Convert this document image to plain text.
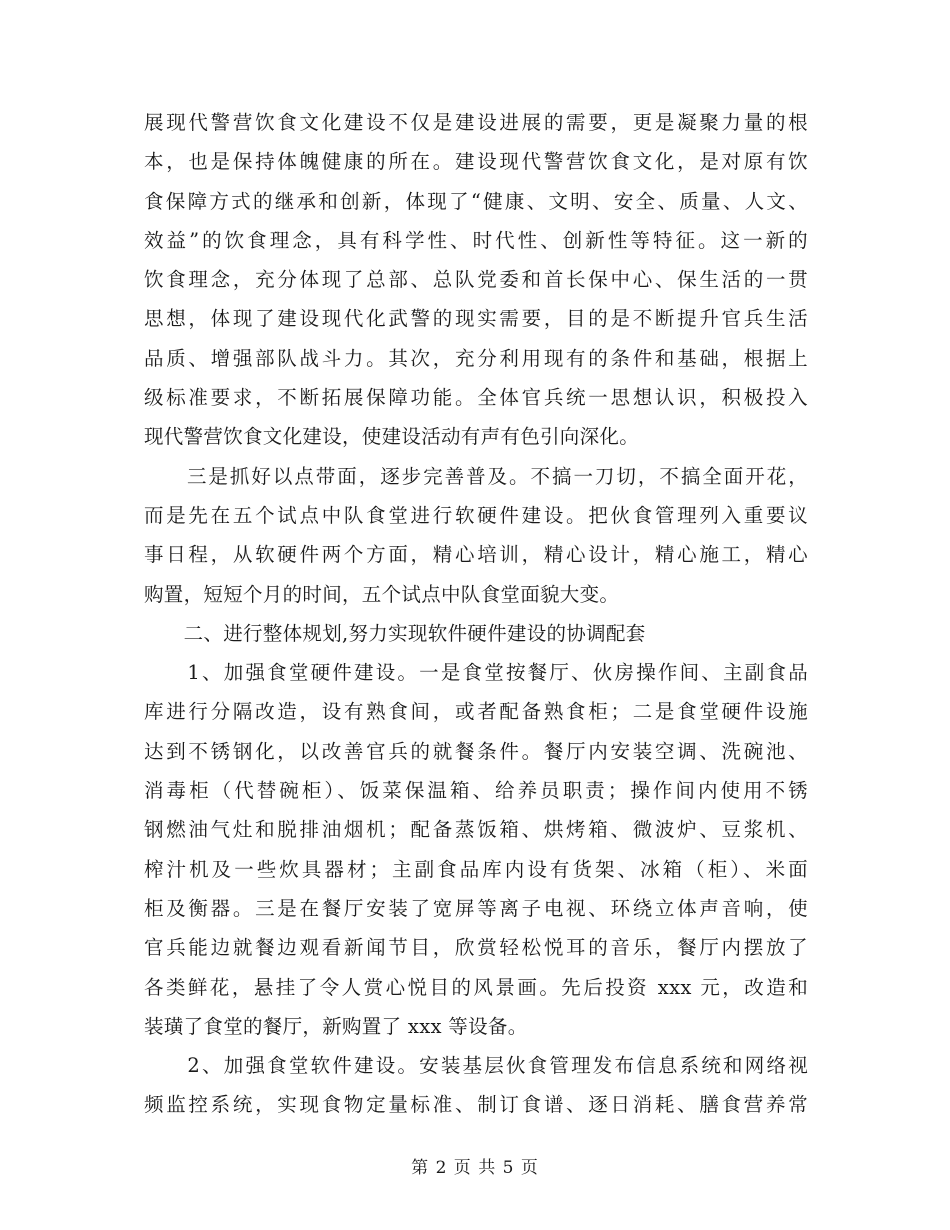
展现代警营饮食文化建设不仅是建设进展的需要，更是凝聚力量的根
本，也是保持体魄健康的所在。建设现代警营饮食文化，是对原有饮
食保障方式的继承和创新，体现了“健康、文明、安全、质量、人文、
效益”的饮食理念，具有科学性、时代性、创新性等特征。这一新的
饮食理念，充分体现了总部、总队党委和首长保中心、保生活的一贯
思想，体现了建设现代化武警的现实需要，目的是不断提升官兵生活
品质、增强部队战斗力。其次，充分利用现有的条件和基础，根据上
级标准要求，不断拓展保障功能。全体官兵统一思想认识，积极投入
现代警营饮食文化建设，使建设活动有声有色引向深化。
　　三是抓好以点带面，逐步完善普及。不搞一刀切，不搞全面开花，
而是先在五个试点中队食堂进行软硬件建设。把伙食管理列入重要议
事日程，从软硬件两个方面，精心培训，精心设计，精心施工，精心
购置，短短个月的时间，五个试点中队食堂面貌大变。
　　二、进行整体规划,努力实现软件硬件建设的协调配套
　　1、加强食堂硬件建设。一是食堂按餐厅、伙房操作间、主副食品
库进行分隔改造，设有熟食间，或者配备熟食柜；二是食堂硬件设施
达到不锈钢化，以改善官兵的就餐条件。餐厅内安装空调、洗碗池、
消毒柜（代替碗柜）、饭菜保温箱、给养员职责；操作间内使用不锈
钢燃油气灶和脱排油烟机；配备蒸饭箱、烘烤箱、微波炉、豆浆机、
榨汁机及一些炊具器材；主副食品库内设有货架、冰箱（柜）、米面
柜及衡器。三是在餐厅安装了宽屏等离子电视、环绕立体声音响，使
官兵能边就餐边观看新闻节目，欣赏轻松悦耳的音乐，餐厅内摆放了
各类鲜花，悬挂了令人赏心悦目的风景画。先后投资 xxx 元，改造和
装璜了食堂的餐厅，新购置了 xxx 等设备。
　　2、加强食堂软件建设。安装基层伙食管理发布信息系统和网络视
频监控系统，实现食物定量标准、制订食谱、逐日消耗、膳食营养常
第 2 页 共 5 页
